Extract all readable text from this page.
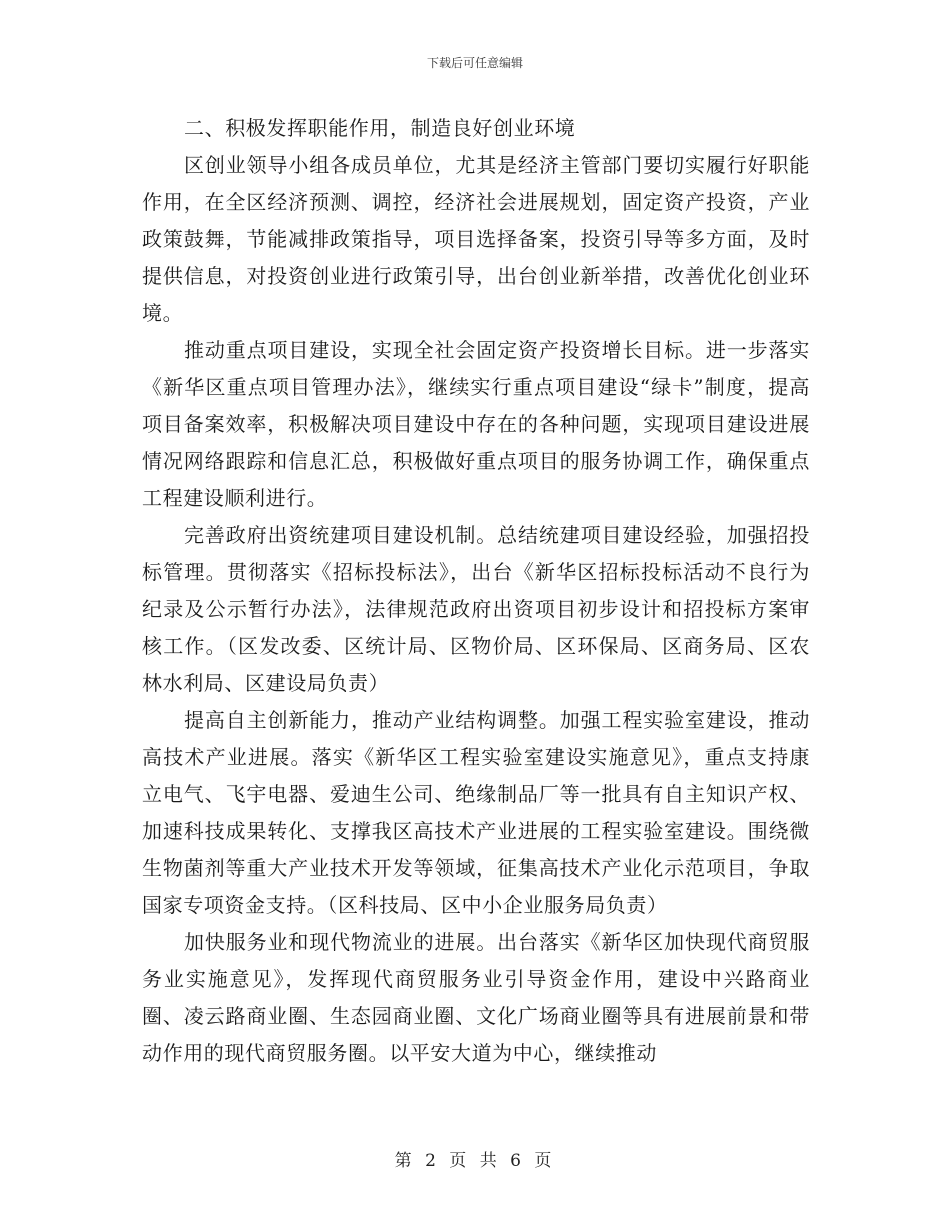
下载后可任意编辑

二、积极发挥职能作用，制造良好创业环境

区创业领导小组各成员单位，尤其是经济主管部门要切实履行好职能作用，在全区经济预测、调控，经济社会进展规划，固定资产投资，产业政策鼓舞，节能减排政策指导，项目选择备案，投资引导等多方面，及时提供信息，对投资创业进行政策引导，出台创业新举措，改善优化创业环境。

推动重点项目建设，实现全社会固定资产投资增长目标。进一步落实《新华区重点项目管理办法》，继续实行重点项目建设“绿卡”制度，提高项目备案效率，积极解决项目建设中存在的各种问题，实现项目建设进展情况网络跟踪和信息汇总，积极做好重点项目的服务协调工作，确保重点工程建设顺利进行。

完善政府出资统建项目建设机制。总结统建项目建设经验，加强招投标管理。贯彻落实《招标投标法》，出台《新华区招标投标活动不良行为纪录及公示暂行办法》，法律规范政府出资项目初步设计和招投标方案审核工作。（区发改委、区统计局、区物价局、区环保局、区商务局、区农林水利局、区建设局负责）

提高自主创新能力，推动产业结构调整。加强工程实验室建设，推动高技术产业进展。落实《新华区工程实验室建设实施意见》，重点支持康立电气、飞宇电器、爱迪生公司、绝缘制品厂等一批具有自主知识产权、加速科技成果转化、支撑我区高技术产业进展的工程实验室建设。围绕微生物菌剂等重大产业技术开发等领域，征集高技术产业化示范项目，争取国家专项资金支持。（区科技局、区中小企业服务局负责）

加快服务业和现代物流业的进展。出台落实《新华区加快现代商贸服务业实施意见》，发挥现代商贸服务业引导资金作用，建设中兴路商业圈、凌云路商业圈、生态园商业圈、文化广场商业圈等具有进展前景和带动作用的现代商贸服务圈。以平安大道为中心，继续推动

第 2 页 共 6 页
